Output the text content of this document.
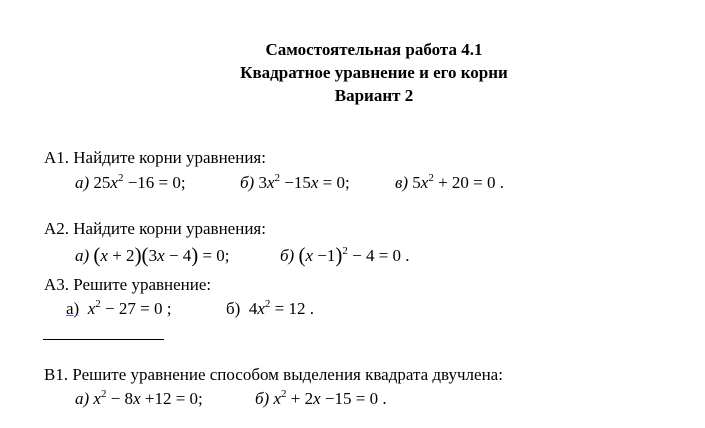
Самостоятельная работа 4.1
Квадратное уравнение и его корни
Вариант 2
А1. Найдите корни уравнения:
а) $25x^2 -16 = 0$;	б) $3x^2 -15x = 0$;	в) $5x^2 + 20 = 0$ .
А2. Найдите корни уравнения:
а) (x + 2)(3x − 4) = 0;	б) $(x -1)^2 - 4 = 0$ .
А3. Решите уравнение:
а) $x^2 - 27 = 0$ ;	б)  $4x^2 = 12$ .
В1. Решите уравнение способом выделения квадрата двучлена:
а) $x^2 - 8x +12 = 0$;	б) $x^2 + 2x -15 = 0$ .
